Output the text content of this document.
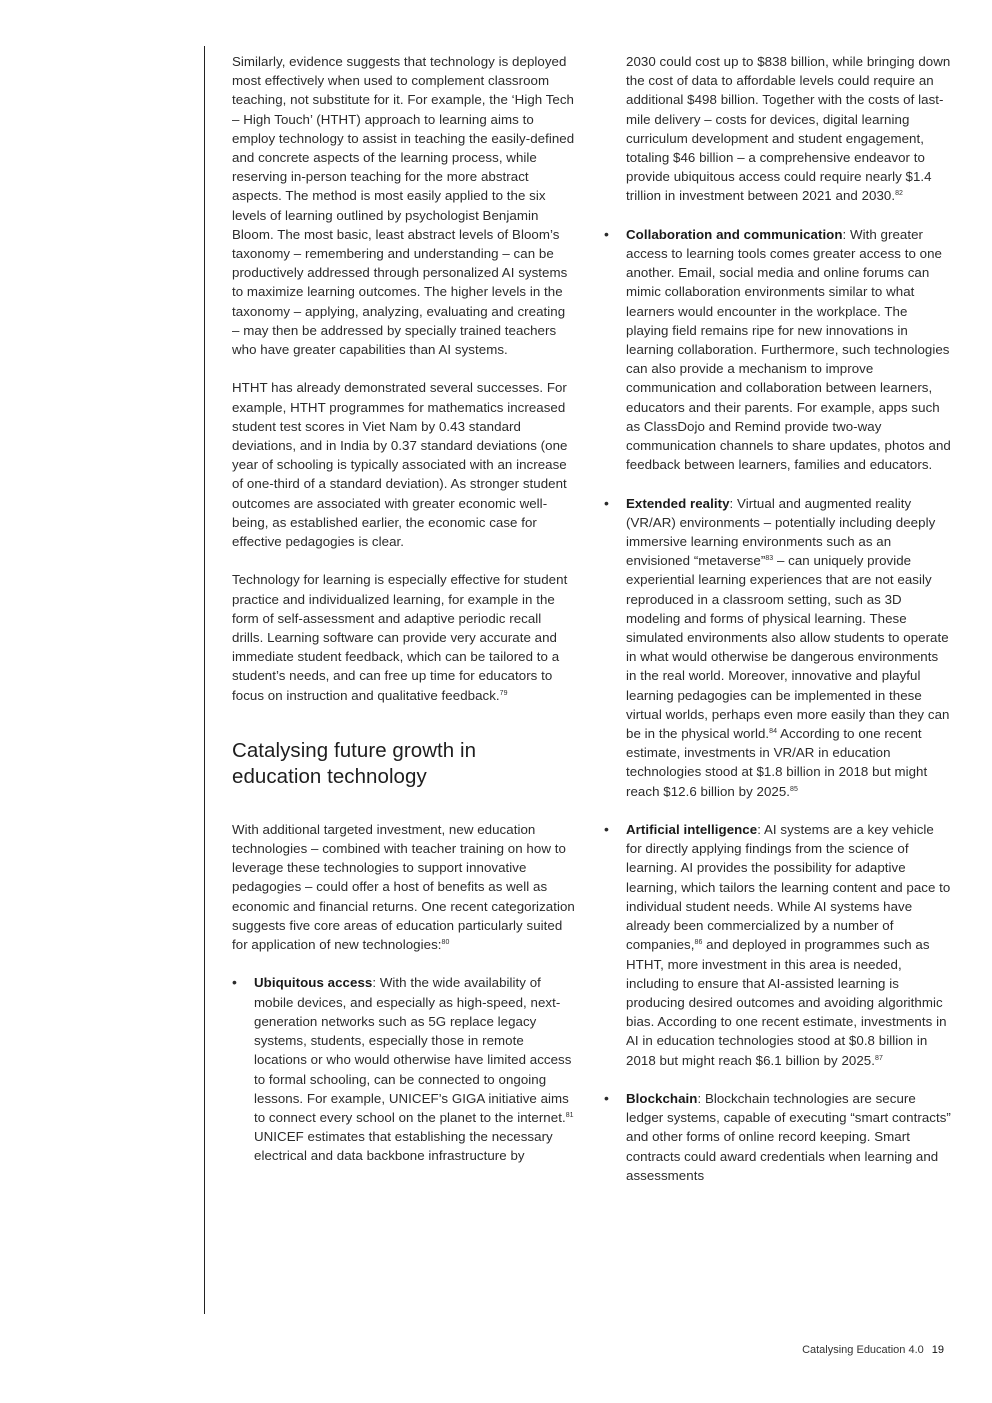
Similarly, evidence suggests that technology is deployed most effectively when used to complement classroom teaching, not substitute for it. For example, the ‘High Tech – High Touch’ (HTHT) approach to learning aims to employ technology to assist in teaching the easily-defined and concrete aspects of the learning process, while reserving in-person teaching for the more abstract aspects. The method is most easily applied to the six levels of learning outlined by psychologist Benjamin Bloom. The most basic, least abstract levels of Bloom’s taxonomy – remembering and understanding – can be productively addressed through personalized AI systems to maximize learning outcomes. The higher levels in the taxonomy – applying, analyzing, evaluating and creating – may then be addressed by specially trained teachers who have greater capabilities than AI systems.

HTHT has already demonstrated several successes. For example, HTHT programmes for mathematics increased student test scores in Viet Nam by 0.43 standard deviations, and in India by 0.37 standard deviations (one year of schooling is typically associated with an increase of one-third of a standard deviation). As stronger student outcomes are associated with greater economic well-being, as established earlier, the economic case for effective pedagogies is clear.

Technology for learning is especially effective for student practice and individualized learning, for example in the form of self-assessment and adaptive periodic recall drills. Learning software can provide very accurate and immediate student feedback, which can be tailored to a student’s needs, and can free up time for educators to focus on instruction and qualitative feedback.$^{79}$

Catalysing future growth in education technology

With additional targeted investment, new education technologies – combined with teacher training on how to leverage these technologies to support innovative pedagogies – could offer a host of benefits as well as economic and financial returns. One recent categorization suggests five core areas of education particularly suited for application of new technologies:$^{80}$

• Ubiquitous access: With the wide availability of mobile devices, and especially as high-speed, next-generation networks such as 5G replace legacy systems, students, especially those in remote locations or who would otherwise have limited access to formal schooling, can be connected to ongoing lessons. For example, UNICEF’s GIGA initiative aims to connect every school on the planet to the internet.$^{81}$ UNICEF estimates that establishing the necessary electrical and data backbone infrastructure by
2030 could cost up to $838 billion, while bringing down the cost of data to affordable levels could require an additional $498 billion. Together with the costs of last-mile delivery – costs for devices, digital learning curriculum development and student engagement, totaling $46 billion – a comprehensive endeavor to provide ubiquitous access could require nearly $1.4 trillion in investment between 2021 and 2030.82
• Collaboration and communication: With greater access to learning tools comes greater access to one another. Email, social media and online forums can mimic collaboration environments similar to what learners would encounter in the workplace. The playing field remains ripe for new innovations in learning collaboration. Furthermore, such technologies can also provide a mechanism to improve communication and collaboration between learners, educators and their parents. For example, apps such as ClassDojo and Remind provide two-way communication channels to share updates, photos and feedback between learners, families and educators.
• Extended reality: Virtual and augmented reality (VR/AR) environments – potentially including deeply immersive learning environments such as an envisioned “metaverse”$^{83}$ – can uniquely provide experiential learning experiences that are not easily reproduced in a classroom setting, such as 3D modeling and forms of physical learning. These simulated environments also allow students to operate in what would otherwise be dangerous environments in the real world. Moreover, innovative and playful learning pedagogies can be implemented in these virtual worlds, perhaps even more easily than they can be in the physical world.$^{84}$ According to one recent estimate, investments in VR/AR in education technologies stood at $1.8 billion in 2018 but might reach $12.6 billion by 2025.85
• Artificial intelligence: AI systems are a key vehicle for directly applying findings from the science of learning. AI provides the possibility for adaptive learning, which tailors the learning content and pace to individual student needs. While AI systems have already been commercialized by a number of companies,$^{86}$ and deployed in programmes such as HTHT, more investment in this area is needed, including to ensure that AI-assisted learning is producing desired outcomes and avoiding algorithmic bias. According to one recent estimate, investments in AI in education technologies stood at $0.8 billion in 2018 but might reach $6.1 billion by 2025.87
• Blockchain: Blockchain technologies are secure ledger systems, capable of executing “smart contracts” and other forms of online record keeping. Smart contracts could award credentials when learning and assessments
Catalysing Education 4.0 19
